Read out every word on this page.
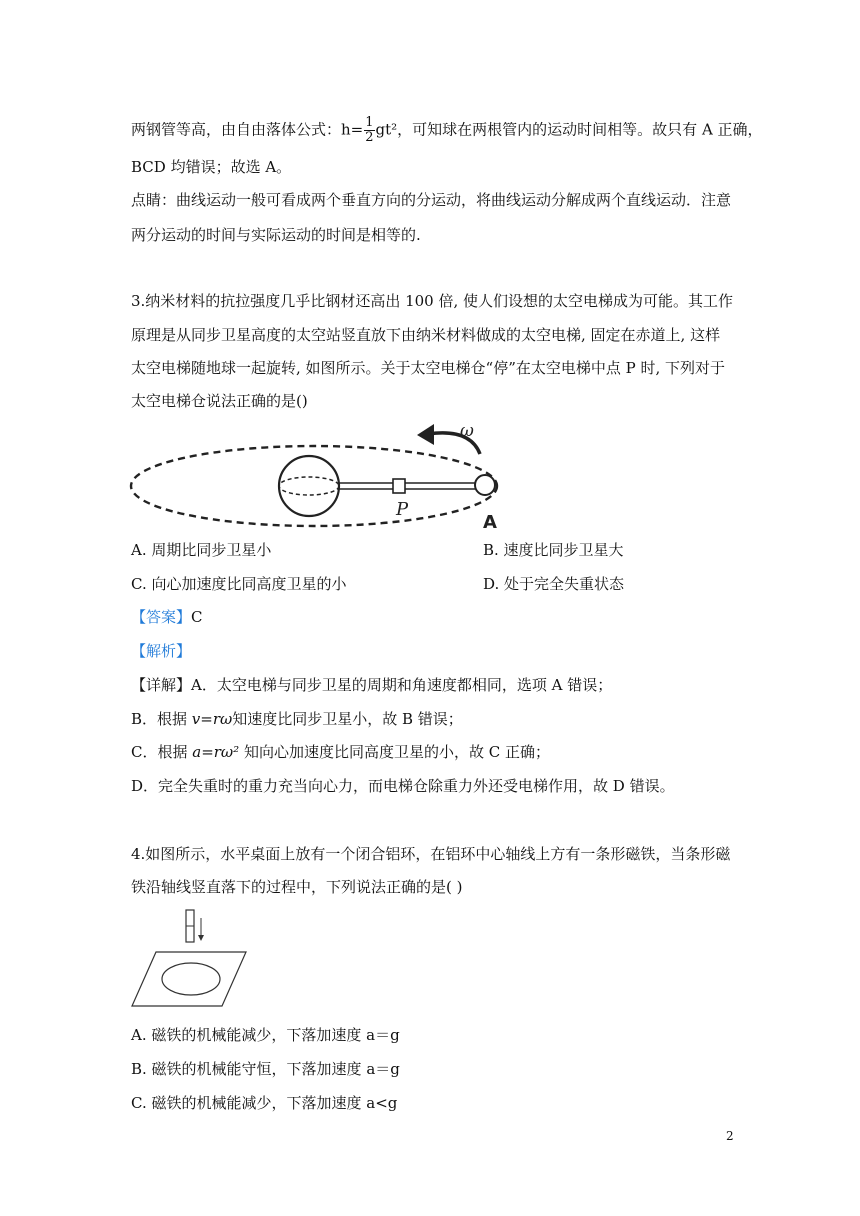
两钢管等高，由自由落体公式：$h= \frac{1}{2} gt^2$，可知球在两根管内的运动时间相等。故只有 A 正确，
BCD 均错误；故选 A。
点睛：曲线运动一般可看成两个垂直方向的分运动，将曲线运动分解成两个直线运动．注意
两分运动的时间与实际运动的时间是相等的.
3.纳米材料的抗拉强度几乎比钢材还高出 100 倍, 使人们设想的太空电梯成为可能。其工作
原理是从同步卫星高度的太空站竖直放下由纳米材料做成的太空电梯, 固定在赤道上, 这样
太空电梯随地球一起旋转, 如图所示。关于太空电梯仓“停”在太空电梯中点 P 时, 下列对于
太空电梯仓说法正确的是()
ω
P
A
A. 周期比同步卫星小	B. 速度比同步卫星大
C. 向心加速度比同高度卫星的小	D. 处于完全失重状态
【答案】C
【解析】
【详解】A．太空电梯与同步卫星的周期和角速度都相同，选项 A 错误；
B．根据 v=rω知速度比同步卫星小，故 B 错误；
C．根据 a=rω² 知向心加速度比同高度卫星的小，故 C 正确；
D．完全失重时的重力充当向心力，而电梯仓除重力外还受电梯作用，故 D 错误。
4.如图所示，水平桌面上放有一个闭合铝环，在铝环中心轴线上方有一条形磁铁，当条形磁
铁沿轴线竖直落下的过程中，下列说法正确的是( )
A. 磁铁的机械能减少，下落加速度 a＝g
B. 磁铁的机械能守恒，下落加速度 a＝g
C. 磁铁的机械能减少，下落加速度 a<g
2
